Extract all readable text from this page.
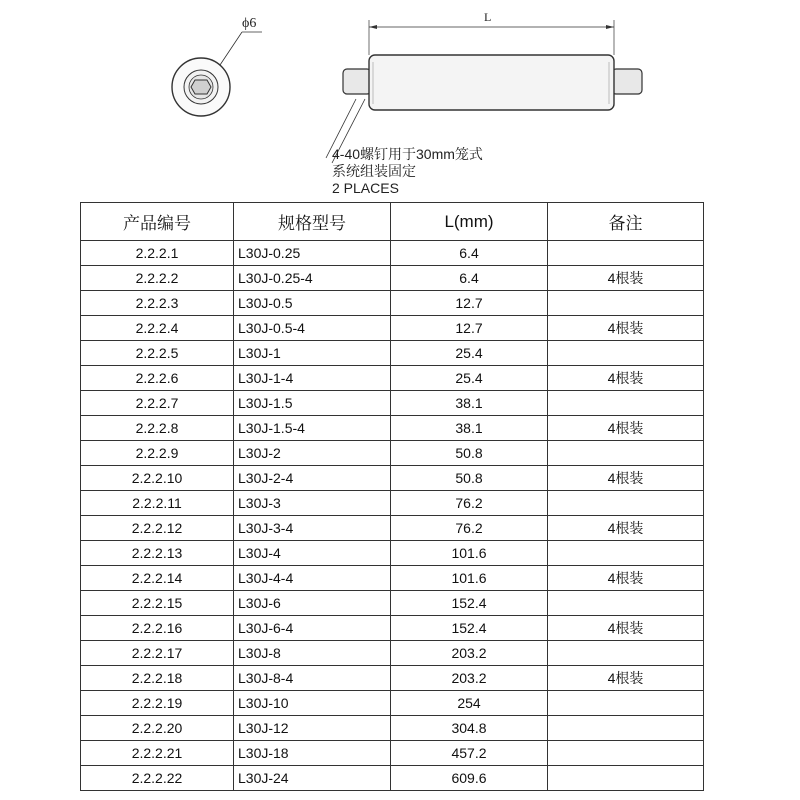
ϕ6	L
4-40螺钉用于30mm笼式
系统组装固定
2 PLACES
产品编号	规格型号	L(mm)	备注
2.2.2.1	L30J-0.25	6.4	
2.2.2.2	L30J-0.25-4	6.4	4根装
2.2.2.3	L30J-0.5	12.7	
2.2.2.4	L30J-0.5-4	12.7	4根装
2.2.2.5	L30J-1	25.4	
2.2.2.6	L30J-1-4	25.4	4根装
2.2.2.7	L30J-1.5	38.1	
2.2.2.8	L30J-1.5-4	38.1	4根装
2.2.2.9	L30J-2	50.8	
2.2.2.10	L30J-2-4	50.8	4根装
2.2.2.11	L30J-3	76.2	
2.2.2.12	L30J-3-4	76.2	4根装
2.2.2.13	L30J-4	101.6	
2.2.2.14	L30J-4-4	101.6	4根装
2.2.2.15	L30J-6	152.4	
2.2.2.16	L30J-6-4	152.4	4根装
2.2.2.17	L30J-8	203.2	
2.2.2.18	L30J-8-4	203.2	4根装
2.2.2.19	L30J-10	254	
2.2.2.20	L30J-12	304.8	
2.2.2.21	L30J-18	457.2	
2.2.2.22	L30J-24	609.6	
